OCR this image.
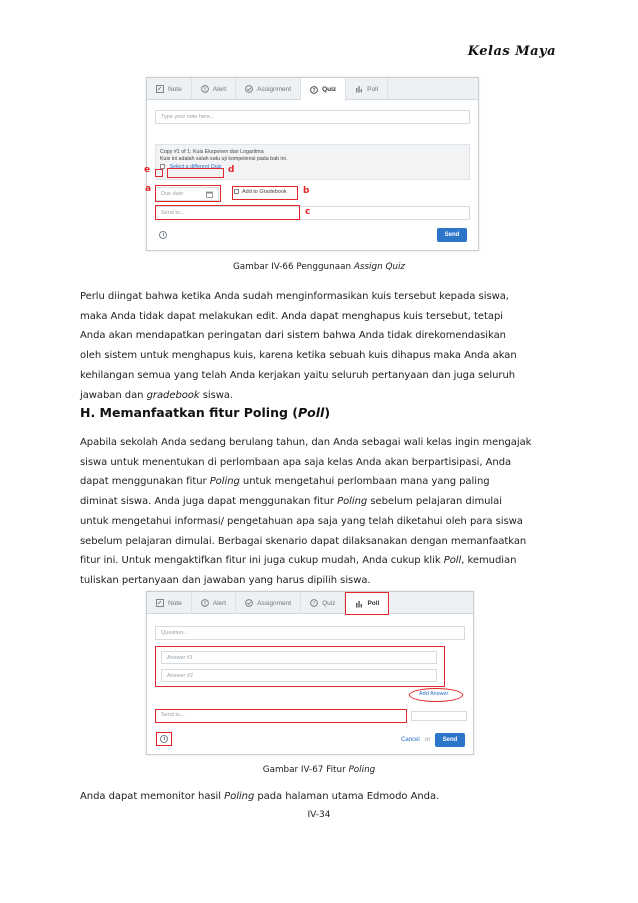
Kelas Maya
Note	Alert	Assignment	? Quiz	Poll
Type your note here...
Copy #1 of 1: Kuis Eksponen dan Logaritma
Kuis ini adalah salah satu uji kompetensi pada bab ini.
Select a different Quiz
Due date	Add to Gradebook
Send to...
Send
e	d
a	b
c
Gambar IV-66 Penggunaan Assign Quiz
Perlu diingat bahwa ketika Anda sudah menginformasikan kuis tersebut kepada siswa,
maka Anda tidak dapat melakukan edit. Anda dapat menghapus kuis tersebut, tetapi
Anda akan mendapatkan peringatan dari sistem bahwa Anda tidak direkomendasikan
oleh sistem untuk menghapus kuis, karena ketika sebuah kuis dihapus maka Anda akan
kehilangan semua yang telah Anda kerjakan yaitu seluruh pertanyaan dan juga seluruh
jawaban dan gradebook siswa.
H. Memanfaatkan fitur Poling (Poll)
Apabila sekolah Anda sedang berulang tahun, dan Anda sebagai wali kelas ingin mengajak
siswa untuk menentukan di perlombaan apa saja kelas Anda akan berpartisipasi, Anda
dapat menggunakan fitur Poling untuk mengetahui perlombaan mana yang paling
diminat siswa. Anda juga dapat menggunakan fitur Poling sebelum pelajaran dimulai
untuk mengetahui informasi/ pengetahuan apa saja yang telah diketahui oleh para siswa
sebelum pelajaran dimulai. Berbagai skenario dapat dilaksanakan dengan memanfaatkan
fitur ini. Untuk mengaktifkan fitur ini juga cukup mudah, Anda cukup klik Poll, kemudian
tuliskan pertanyaan dan jawaban yang harus dipilih siswa.
Note	Alert	Assignment	? Quiz	Poll
Question...
Answer #1
Answer #2
Add Answer
Send to...
Cancel or	Send
Gambar IV-67 Fitur Poling
Anda dapat memonitor hasil Poling pada halaman utama Edmodo Anda.
IV-34
